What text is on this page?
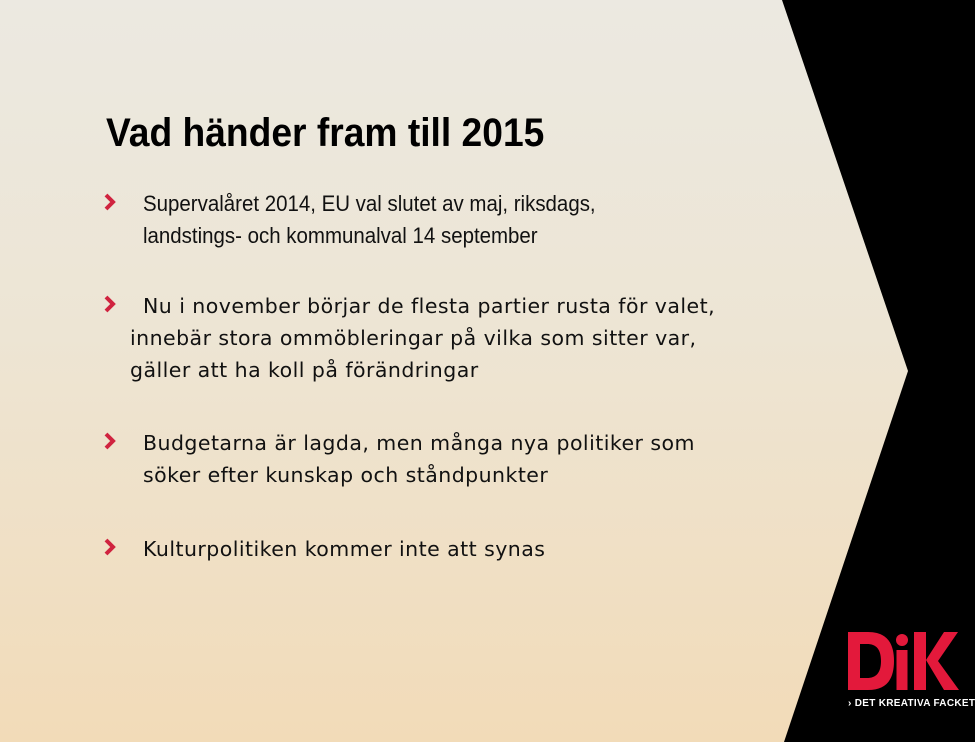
Vad händer fram till 2015

Supervalåret 2014, EU val slutet av maj, riksdags,
landstings- och kommunalval 14 september

Nu i november börjar de flesta partier rusta för valet,
innebär stora ommöbleringar på vilka som sitter var,
gäller att ha koll på förändringar

Budgetarna är lagda, men många nya politiker som
söker efter kunskap och ståndpunkter

Kulturpolitiken kommer inte att synas

› DET KREATIVA FACKET
